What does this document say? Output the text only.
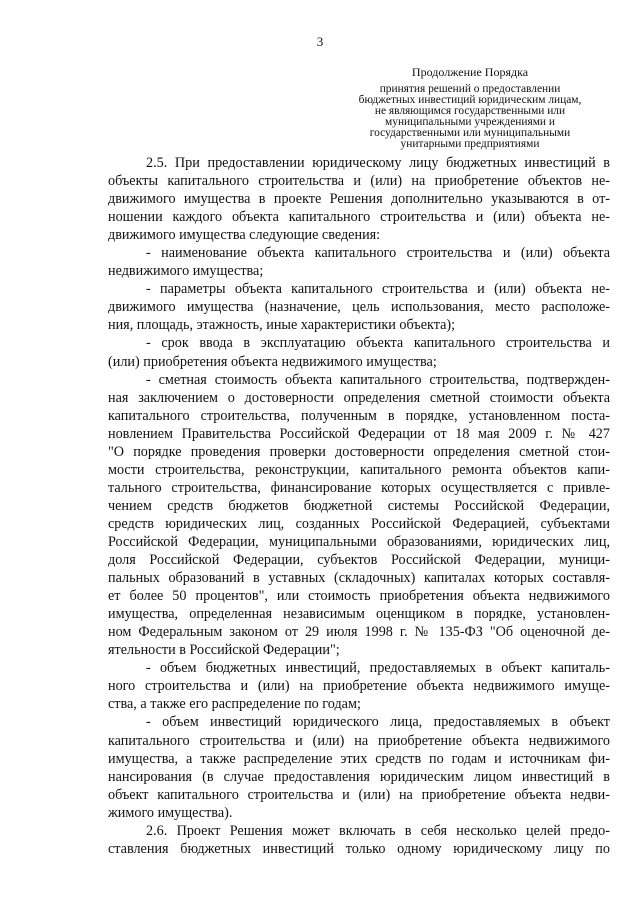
3
Продолжение Порядка
принятия решений о предоставлении
бюджетных инвестиций юридическим лицам,
не являющимся государственными или
муниципальными учреждениями и
государственными или муниципальными
унитарными предприятиями
2.5. При предоставлении юридическому лицу бюджетных инвестиций в
объекты капитального строительства и (или) на приобретение объектов не-
движимого имущества в проекте Решения дополнительно указываются в от-
ношении каждого объекта капитального строительства и (или) объекта не-
движимого имущества следующие сведения:
- наименование объекта капитального строительства и (или) объекта
недвижимого имущества;
- параметры объекта капитального строительства и (или) объекта не-
движимого имущества (назначение, цель использования, место расположе-
ния, площадь, этажность, иные характеристики объекта);
- срок ввода в эксплуатацию объекта капитального строительства и
(или) приобретения объекта недвижимого имущества;
- сметная стоимость объекта капитального строительства, подтвержден-
ная заключением о достоверности определения сметной стоимости объекта
капитального строительства, полученным в порядке, установленном поста-
новлением Правительства Российской Федерации от 18 мая 2009 г. № 427
"О порядке проведения проверки достоверности определения сметной стои-
мости строительства, реконструкции, капитального ремонта объектов капи-
тального строительства, финансирование которых осуществляется с привле-
чением средств бюджетов бюджетной системы Российской Федерации,
средств юридических лиц, созданных Российской Федерацией, субъектами
Российской Федерации, муниципальными образованиями, юридических лиц,
доля Российской Федерации, субъектов Российской Федерации, муници-
пальных образований в уставных (складочных) капиталах которых составля-
ет более 50 процентов", или стоимость приобретения объекта недвижимого
имущества, определенная независимым оценщиком в порядке, установлен-
ном Федеральным законом от 29 июля 1998 г. № 135-ФЗ "Об оценочной де-
ятельности в Российской Федерации";
- объем бюджетных инвестиций, предоставляемых в объект капиталь-
ного строительства и (или) на приобретение объекта недвижимого имуще-
ства, а также его распределение по годам;
- объем инвестиций юридического лица, предоставляемых в объект
капитального строительства и (или) на приобретение объекта недвижимого
имущества, а также распределение этих средств по годам и источникам фи-
нансирования (в случае предоставления юридическим лицом инвестиций в
объект капитального строительства и (или) на приобретение объекта недви-
жимого имущества).
2.6. Проект Решения может включать в себя несколько целей предо-
ставления бюджетных инвестиций только одному юридическому лицу по
